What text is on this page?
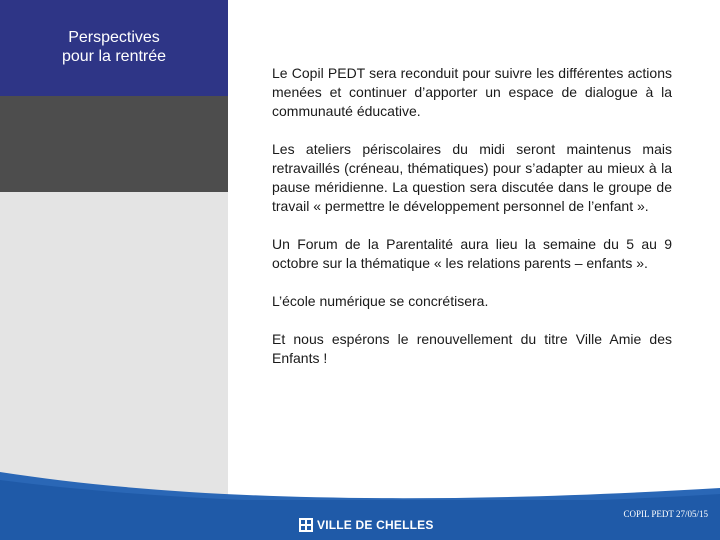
Perspectives
pour la rentrée

Le Copil PEDT sera reconduit pour suivre les différentes actions menées et continuer d’apporter un espace de dialogue à la communauté éducative.

Les ateliers périscolaires du midi seront maintenus mais retravaillés (créneau, thématiques) pour s’adapter au mieux à la pause méridienne. La question sera discutée dans le groupe de travail « permettre le développement personnel de l’enfant ».

Un Forum de la Parentalité aura lieu la semaine du 5 au 9 octobre sur la thématique « les relations parents – enfants ».

L’école numérique se concrétisera.

Et nous espérons le renouvellement du titre Ville Amie des Enfants !

VILLE DE CHELLES
COPIL PEDT 27/05/15
